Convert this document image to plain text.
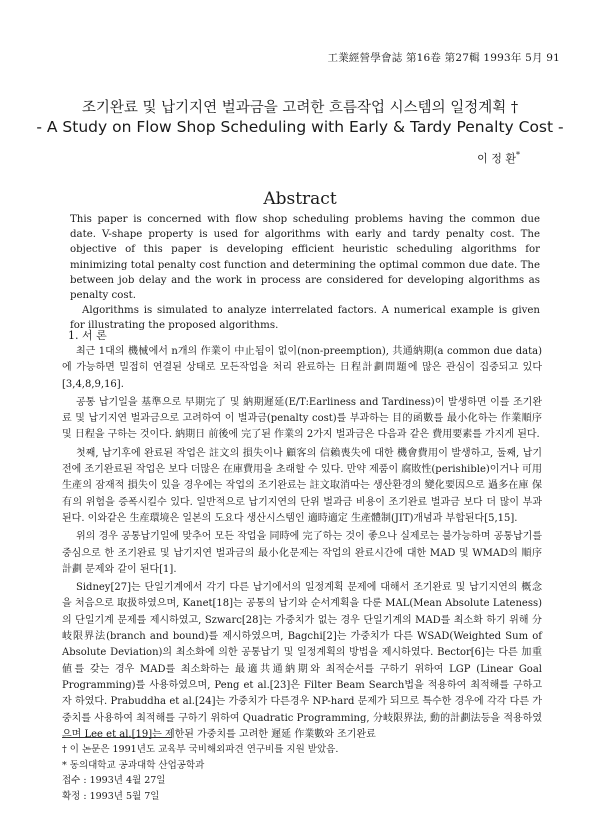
工業經營學會誌 第16卷 第27輯 1993年 5月 91
조기완료 및 납기지연 벌과금을 고려한 흐름작업 시스템의 일정계획 †
- A Study on Flow Shop Scheduling with Early & Tardy Penalty Cost -
이 정 환*
Abstract

This paper is concerned with flow shop scheduling problems having the common due date. V-shape property is used for algorithms with early and tardy penalty cost. The objective of this paper is developing efficient heuristic scheduling algorithms for minimizing total penalty cost function and determining the optimal common due date. The between job delay and the work in process are considered for developing algorithms as penalty cost.

Algorithms is simulated to analyze interrelated factors. A numerical example is given for illustrating the proposed algorithms.

1. 서 론

최근 1대의 機械에서 n개의 作業이 中止됨이 없이(non-preemption), 共通納期(a common due data)에 가능하면 밀접히 연결된 상태로 모든작업을 처리 완료하는 日程計劃問題에 많은 관심이 집중되고 있다 [3,4,8,9,16].

공통 납기일을 基準으로 早期完了 및 納期遲延(E/T:Earliness and Tardiness)이 발생하면 이를 조기완료 및 납기지연 벌과금으로 고려하여 이 벌과금(penalty cost)를 부과하는 目的函數를 最小化하는 作業順序 및 日程을 구하는 것이다. 納期日 前後에 完了된 作業의 2가지 벌과금은 다음과 같은 費用要素를 가지게 된다.

첫째, 납기후에 완료된 작업은 註文의 損失이나 顧客의 信賴喪失에 대한 機會費用이 발생하고, 둘째, 납기전에 조기완료된 작업은 보다 더많은 在庫費用을 초래할 수 있다. 만약 제품이 腐敗性(perishible)이거나 可用生產의 잠재적 損失이 있을 경우에는 작업의 조기완료는 註文取消따는 생산환경의 變化要因으로 過多在庫 保有의 위험을 증폭시킬수 있다. 일반적으로 납기지연의 단위 벌과금 비용이 조기완료 벌과금 보다 더 많이 부과된다. 이와같은 生産環境은 일본의 도요다 생산시스템인 適時適定 生產體制(JIT)개념과 부합된다[5,15].

위의 경우 공통납기일에 맞추어 모든 작업을 同時에 完了하는 것이 좋으나 실제로는 불가능하며 공통납기를 중심으로 한 조기완료 및 납기지연 벌과금의 最小化문제는 작업의 완료시간에 대한 MAD 및 WMAD의 順序計劃 문제와 같이 된다[1].

Sidney[27]는 단일기계에서 각기 다른 납기에서의 일정계획 문제에 대해서 조기완료 및 납기지연의 概念을 처음으로 取扱하였으며, Kanet[18]는 공통의 납기와 순서계획을 다룬 MAL(Mean Absolute Lateness)의 단일기계 문제를 제시하였고, Szwarc[28]는 가중치가 없는 경우 단일기계의 MAD를 최소화 하기 위해 分岐限界法(branch and bound)를 제시하였으며, Bagchi[2]는 가중치가 다른 WSAD(Weighted Sum of Absolute Deviation)의 최소화에 의한 공통납기 및 일정계획의 방법을 제시하였다. Bector[6]는 다른 加重値를 갖는 경우 MAD를 최소화하는 最適共通納期와 최적순서를 구하기 위하여 LGP (Linear Goal Programming)를 사용하였으며, Peng et al.[23]은 Filter Beam Search법을 적용하여 최적해를 구하고자 하였다. Prabuddha et al.[24]는 가중치가 다른경우 NP-hard 문제가 되므로 특수한 경우에 각각 다른 가중치를 사용하여 최적해를 구하기 위하여 Quadratic Programming, 分岐限界法, 動的計劃法등을 적용하였으며 Lee et al.[19]는 제한된 가중치를 고려한 遲延 作業數와 조기완료

† 이 논문은 1991년도 교육부 국비해외파견 연구비를 지원 받았음.
* 동의대학교 공과대학 산업공학과
접수 : 1993년 4월 27일
확정 : 1993년 5월 7일
